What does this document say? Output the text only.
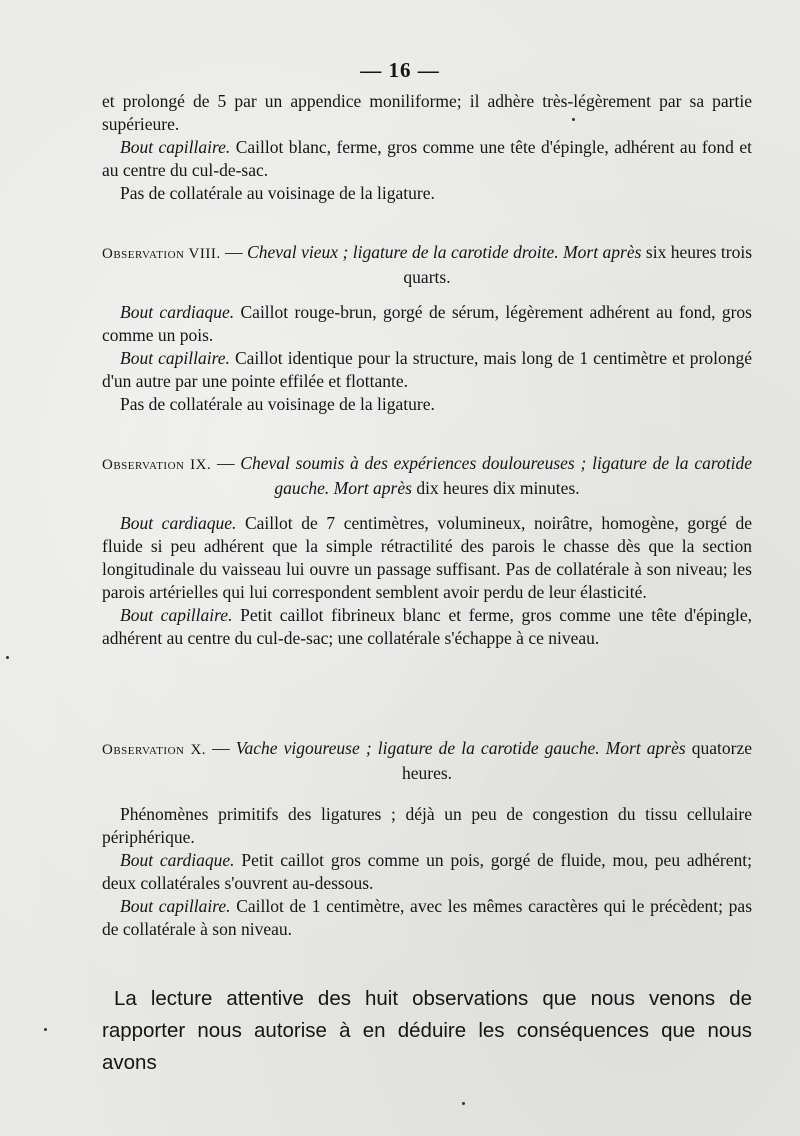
— 16 —

et prolongé de 5 par un appendice moniliforme; il adhère très-légèrement par sa partie supérieure.

Bout capillaire. Caillot blanc, ferme, gros comme une tête d'épingle, adhérent au fond et au centre du cul-de-sac.

Pas de collatérale au voisinage de la ligature.

Observation VIII. — Cheval vieux ; ligature de la carotide droite. Mort après six heures trois quarts.

Bout cardiaque. Caillot rouge-brun, gorgé de sérum, légèrement adhérent au fond, gros comme un pois.

Bout capillaire. Caillot identique pour la structure, mais long de 1 centimètre et prolongé d'un autre par une pointe effilée et flottante.

Pas de collatérale au voisinage de la ligature.

Observation IX. — Cheval soumis à des expériences douloureuses ; ligature de la carotide gauche. Mort après dix heures dix minutes.

Bout cardiaque. Caillot de 7 centimètres, volumineux, noirâtre, homogène, gorgé de fluide si peu adhérent que la simple rétractilité des parois le chasse dès que la section longitudinale du vaisseau lui ouvre un passage suffisant. Pas de collatérale à son niveau; les parois artérielles qui lui correspondent semblent avoir perdu de leur élasticité.

Bout capillaire. Petit caillot fibrineux blanc et ferme, gros comme une tête d'épingle, adhérent au centre du cul-de-sac; une collatérale s'échappe à ce niveau.

Observation X. — Vache vigoureuse ; ligature de la carotide gauche. Mort après quatorze heures.

Phénomènes primitifs des ligatures ; déjà un peu de congestion du tissu cellulaire périphérique.

Bout cardiaque. Petit caillot gros comme un pois, gorgé de fluide, mou, peu adhérent; deux collatérales s'ouvrent au-dessous.

Bout capillaire. Caillot de 1 centimètre, avec les mêmes caractères qui le précèdent; pas de collatérale à son niveau.

La lecture attentive des huit observations que nous venons de rapporter nous autorise à en déduire les conséquences que nous avons
